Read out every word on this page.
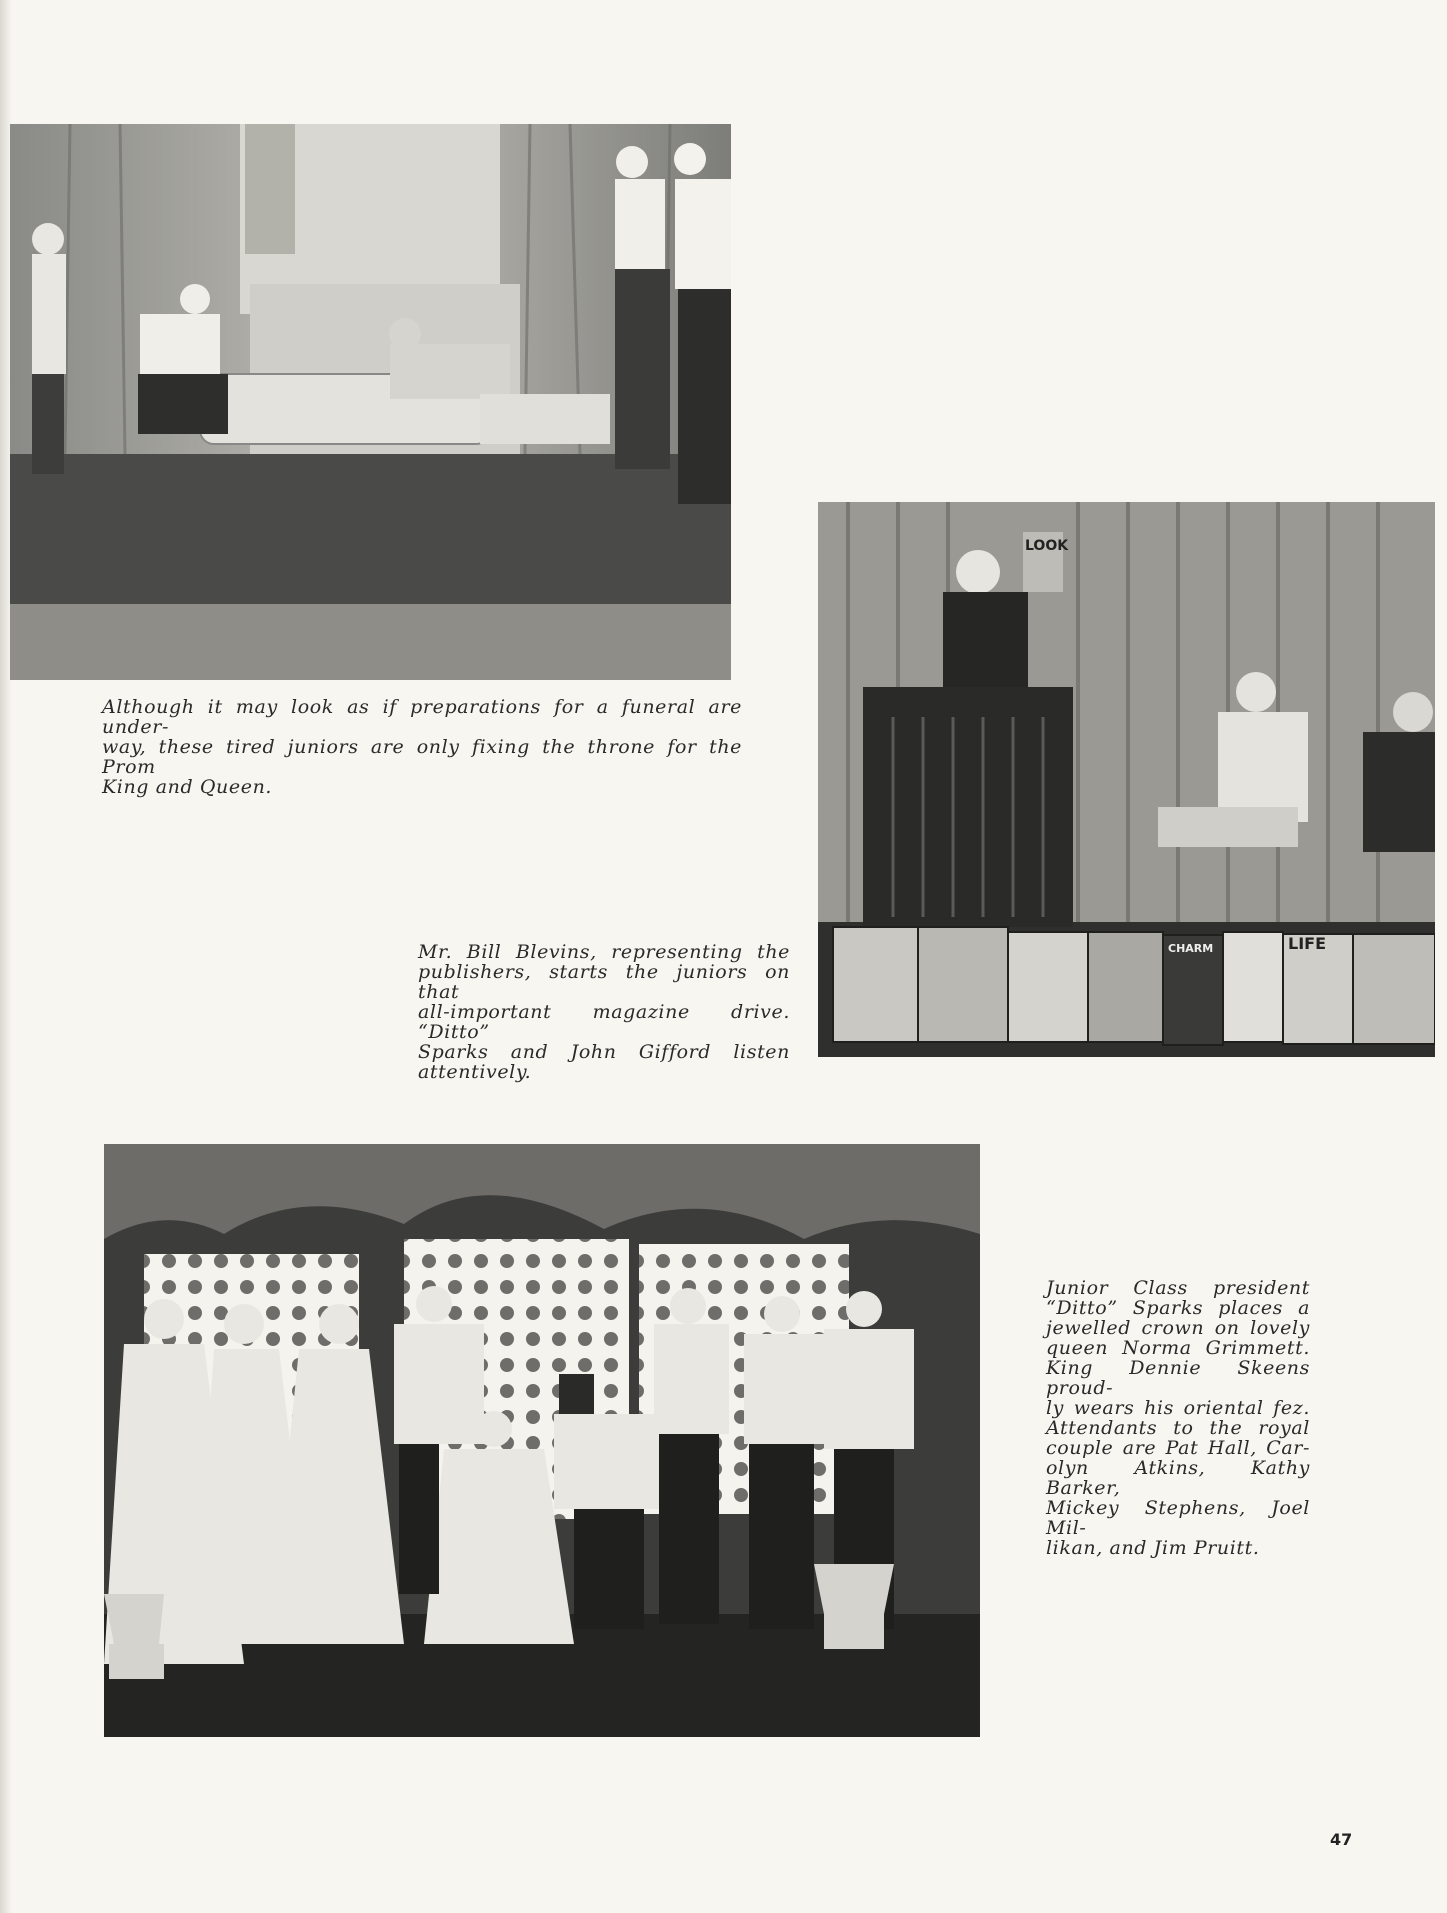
Although it may look as if preparations for a funeral are under-

way, these tired juniors are only fixing the throne for the Prom

King and Queen.

LOOK
CHARM	LIFE

Mr. Bill Blevins, representing the

publishers, starts the juniors on that

all-important magazine drive. “Ditto”

Sparks and John Gifford listen

attentively.

Junior Class president

“Ditto” Sparks places a

jewelled crown on lovely

queen Norma Grimmett.

King Dennie Skeens proud-

ly wears his oriental fez.

Attendants to the royal

couple are Pat Hall, Car-

olyn Atkins, Kathy Barker,

Mickey Stephens, Joel Mil-

likan, and Jim Pruitt.

47
